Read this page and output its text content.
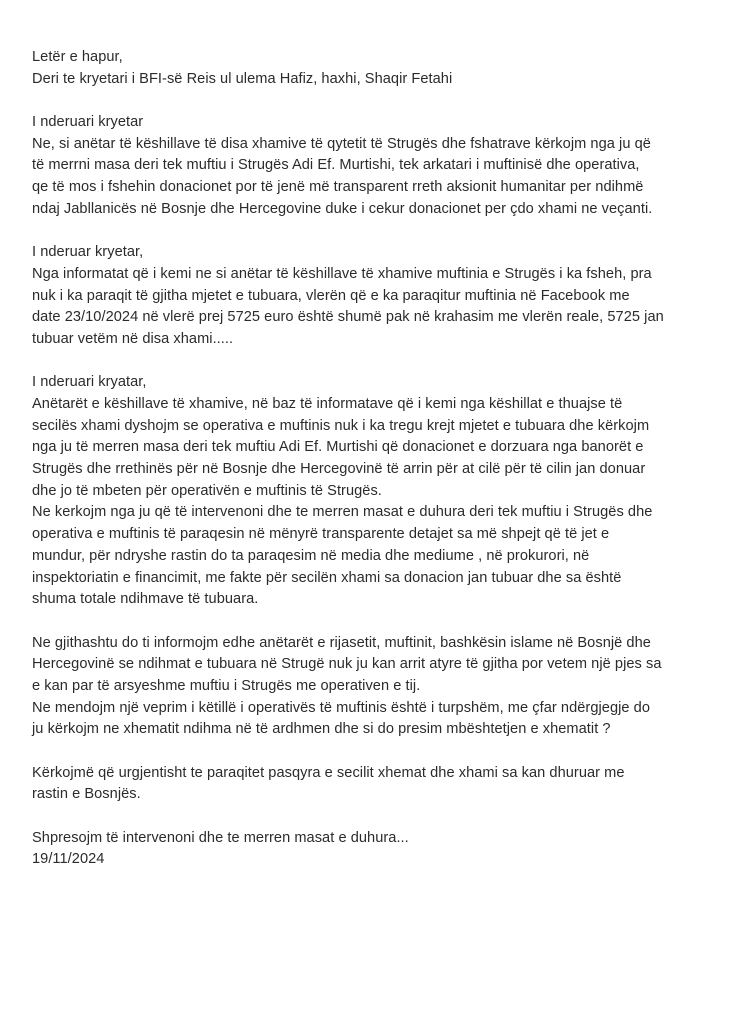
Letër e hapur,
Deri te kryetari i BFI-së Reis ul ulema Hafiz, haxhi, Shaqir Fetahi
I nderuari kryetar
Ne, si anëtar të këshillave të disa xhamive të qytetit të Strugës dhe fshatrave kërkojm nga ju që
të merrni masa deri tek muftiu i Strugës Adi Ef. Murtishi, tek arkatari i muftinisë dhe operativa,
qe të mos i fshehin donacionet por të jenë më transparent rreth aksionit humanitar per ndihmë
ndaj Jabllanicës në Bosnje dhe Hercegovine duke i cekur donacionet per çdo xhami ne veçanti.
I nderuar kryetar,
Nga informatat që i kemi ne si anëtar të këshillave të xhamive muftinia e Strugës i ka fsheh, pra
nuk i ka paraqit të gjitha mjetet e tubuara, vlerën që e ka paraqitur muftinia në Facebook me
date 23/10/2024 në vlerë prej 5725 euro është shumë pak në krahasim me vlerën reale, 5725 jan
tubuar vetëm në disa xhami.....
I nderuari kryatar,
Anëtarët e këshillave të xhamive, në baz të informatave që i kemi nga këshillat e thuajse të
secilës xhami dyshojm se operativa e muftinis nuk i ka tregu krejt mjetet e tubuara dhe kërkojm
nga ju të merren masa deri tek muftiu Adi Ef. Murtishi që donacionet e dorzuara nga banorët e
Strugës dhe rrethinës për në Bosnje dhe Hercegovinë të arrin për at cilë për të cilin jan donuar
dhe jo të mbeten për operativën e muftinis të Strugës.
Ne kerkojm nga ju që të intervenoni dhe te merren masat e duhura deri tek muftiu i Strugës dhe
operativa e muftinis të paraqesin në mënyrë transparente detajet sa më shpejt që të jet e
mundur, për ndryshe rastin do ta paraqesim në media dhe mediume , në prokurori, në
inspektoriatin e financimit, me fakte për secilën xhami sa donacion jan tubuar dhe sa është
shuma totale ndihmave të tubuara.
Ne gjithashtu do ti informojm edhe anëtarët e rijasetit, muftinit, bashkësin islame në Bosnjë dhe
Hercegovinë se ndihmat e tubuara në Strugë nuk ju kan arrit atyre të gjitha por vetem një pjes sa
e kan par të arsyeshme muftiu i Strugës me operativen e tij.
Ne mendojm një veprim i këtillë i operativës të muftinis është i turpshëm, me çfar ndërgjegje do
ju kërkojm ne xhematit ndihma në të ardhmen dhe si do presim mbështetjen e xhematit ?
Kërkojmë që urgjentisht te paraqitet pasqyra e secilit xhemat dhe xhami sa kan dhuruar me
rastin e Bosnjës.
Shpresojm të intervenoni dhe te merren masat e duhura...
19/11/2024
